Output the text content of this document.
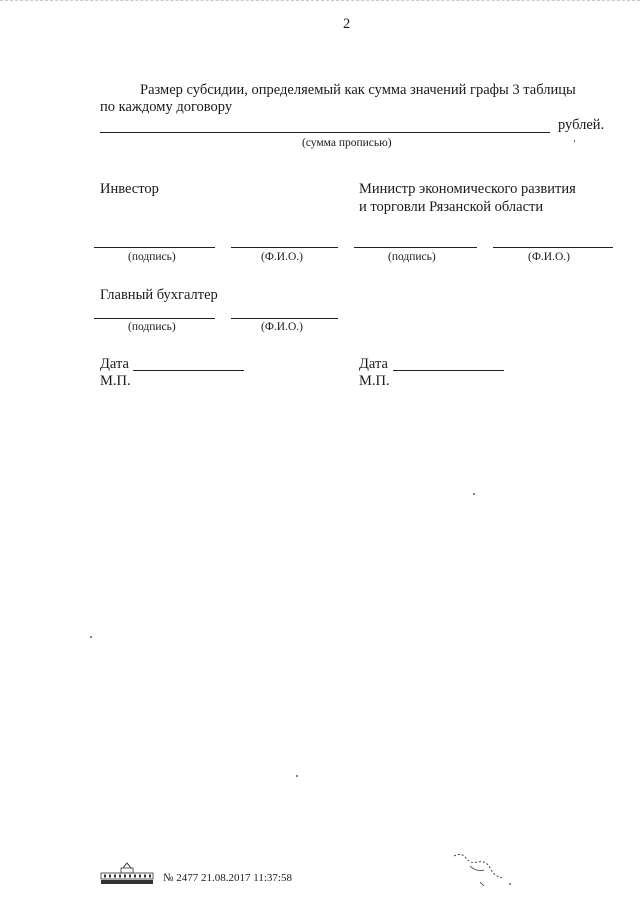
2
Размер субсидии, определяемый как сумма значений графы 3 таблицы
по каждому договору
рублей.
(сумма прописью)
Инвестор	Министр экономического развития
и торговли Рязанской области
(подпись)	(Ф.И.О.)	(подпись)	(Ф.И.О.)
Главный бухгалтер
(подпись)	(Ф.И.О.)
Дата
М.П.
Дата
М.П.
№ 2477 21.08.2017 11:37:58
